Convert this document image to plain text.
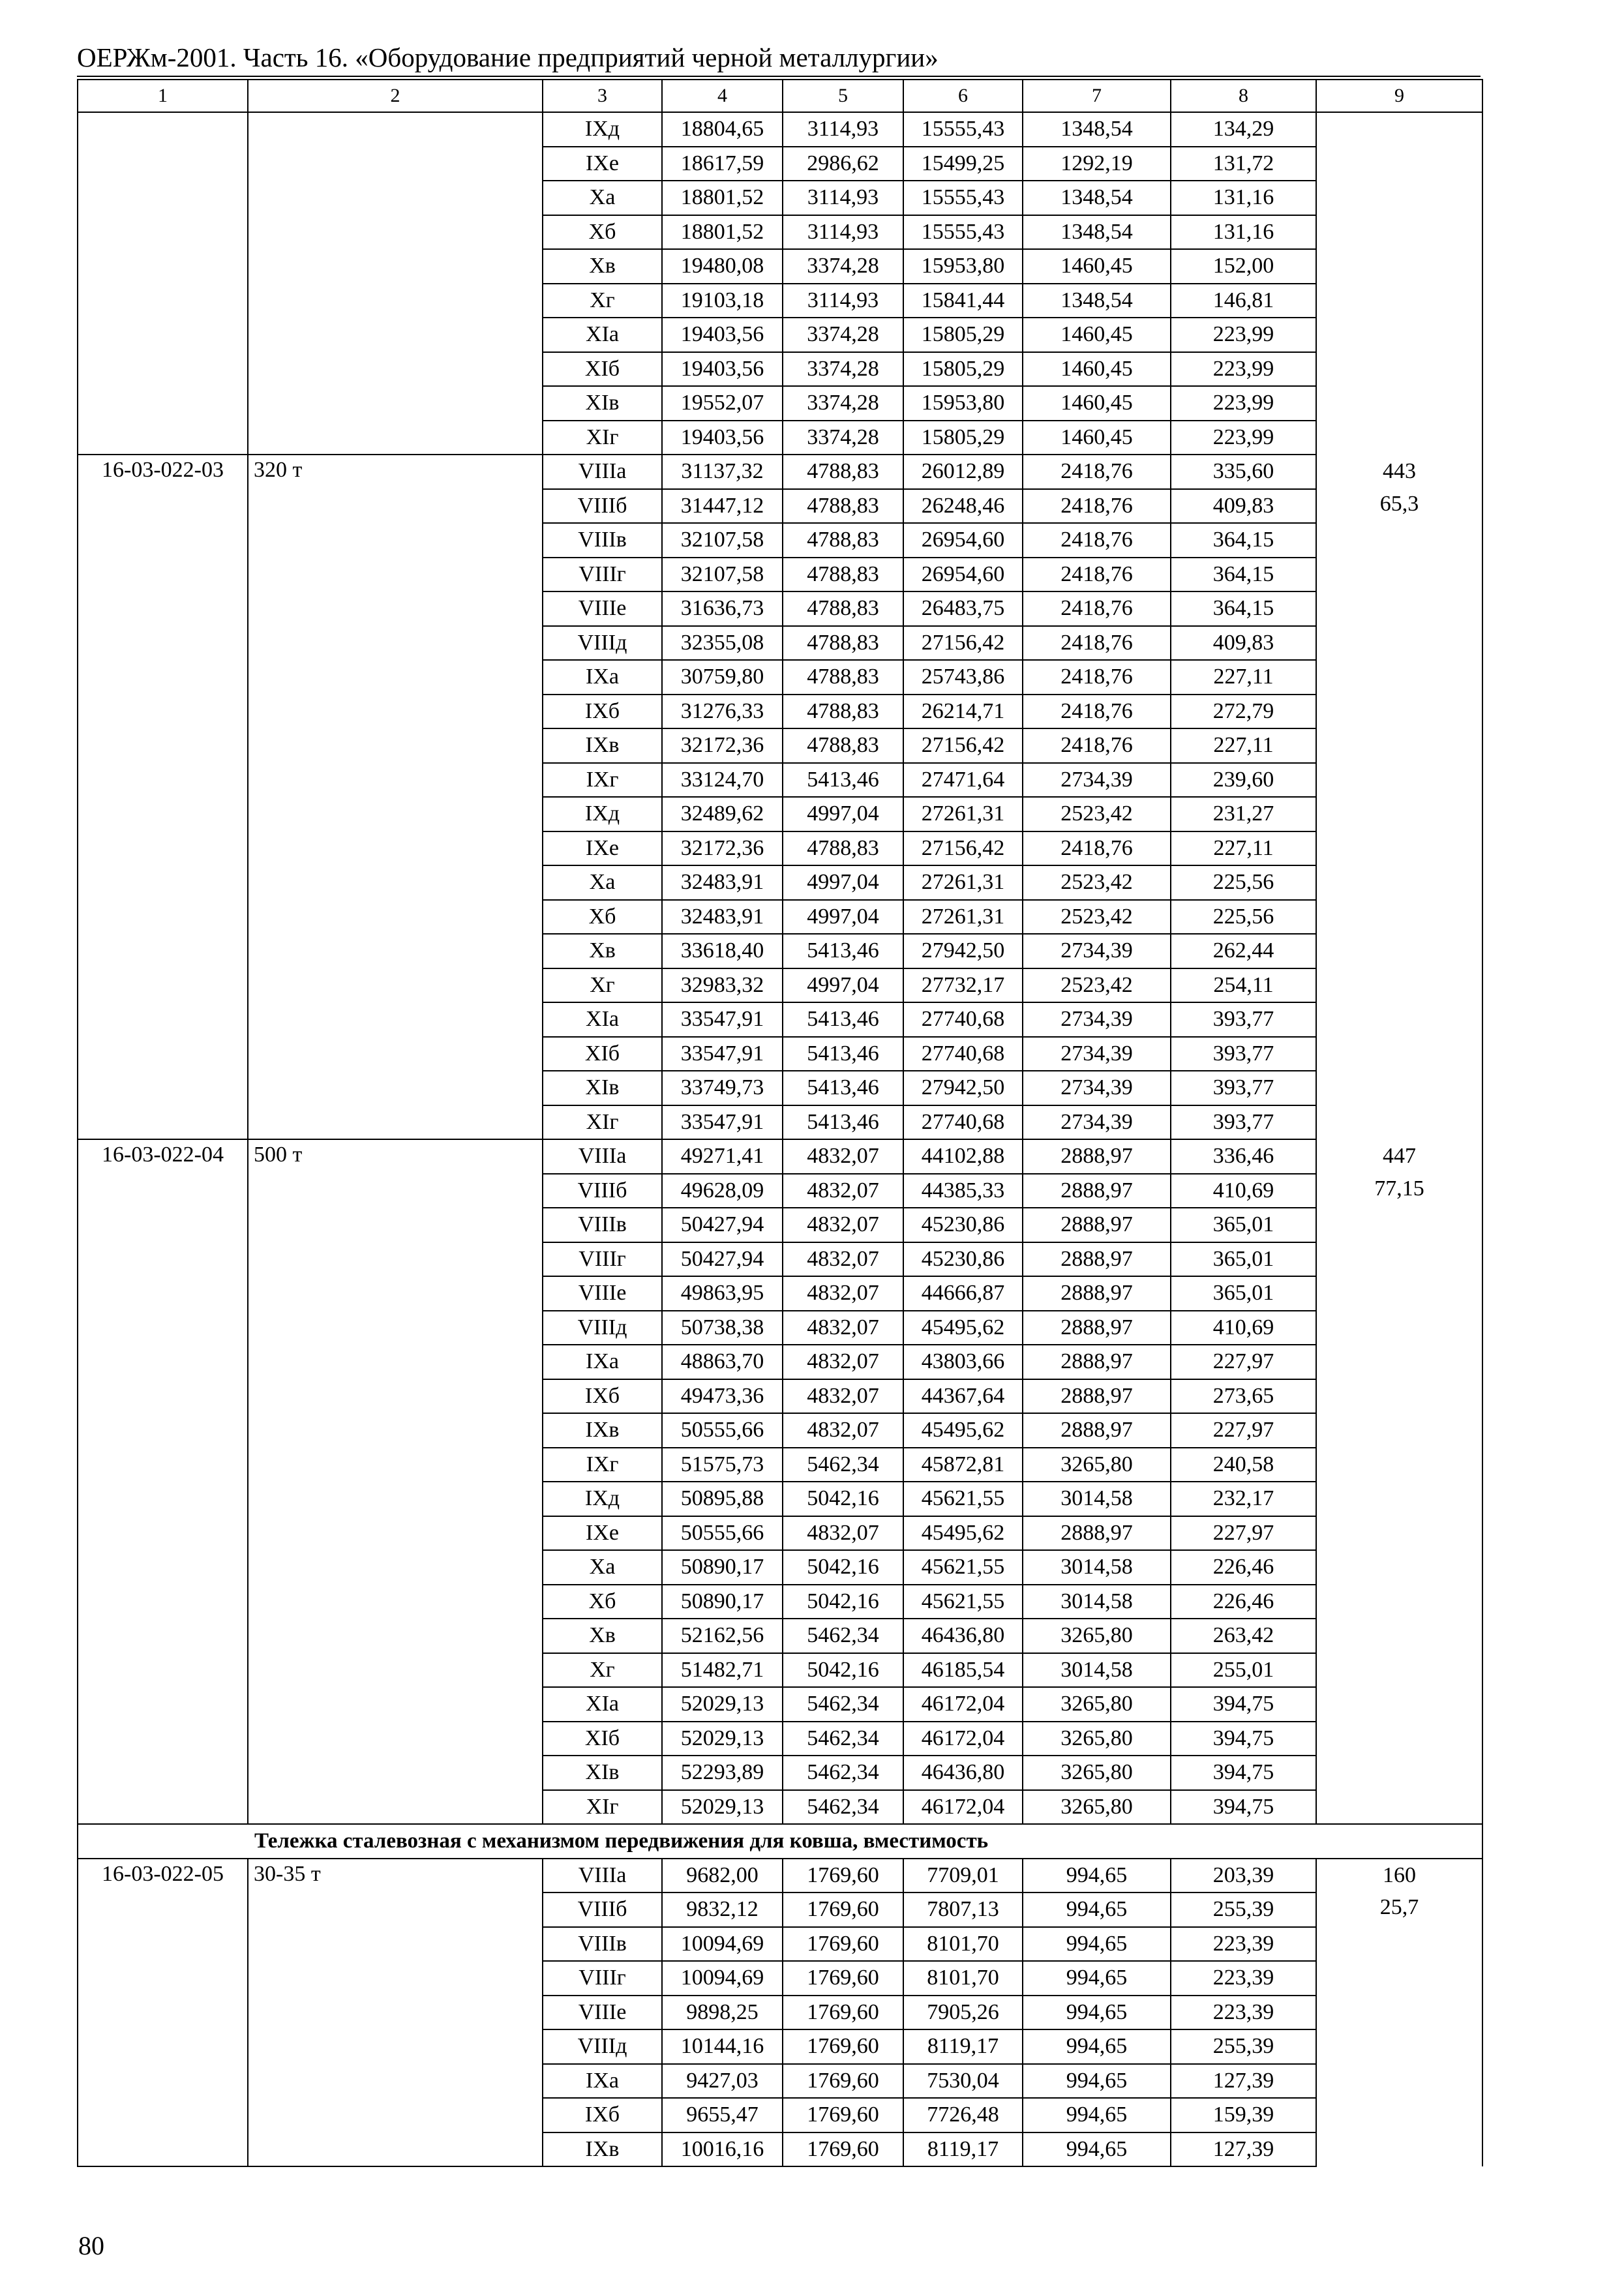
ОЕРЖм-2001. Часть 16. «Оборудование предприятий черной металлургии»
1	2	3	4	5	6	7	8	9
		IXд	18804,65	3114,93	15555,43	1348,54	134,29	
		IXе	18617,59	2986,62	15499,25	1292,19	131,72	
		Xа	18801,52	3114,93	15555,43	1348,54	131,16	
		Xб	18801,52	3114,93	15555,43	1348,54	131,16	
		Xв	19480,08	3374,28	15953,80	1460,45	152,00	
		Xг	19103,18	3114,93	15841,44	1348,54	146,81	
		XIа	19403,56	3374,28	15805,29	1460,45	223,99	
		XIб	19403,56	3374,28	15805,29	1460,45	223,99	
		XIв	19552,07	3374,28	15953,80	1460,45	223,99	
		XIг	19403,56	3374,28	15805,29	1460,45	223,99	
16-03-022-03	320 т	VIIIа	31137,32	4788,83	26012,89	2418,76	335,60	443
		VIIIб	31447,12	4788,83	26248,46	2418,76	409,83	65,3
		VIIIв	32107,58	4788,83	26954,60	2418,76	364,15	
		VIIIг	32107,58	4788,83	26954,60	2418,76	364,15	
		VIIIе	31636,73	4788,83	26483,75	2418,76	364,15	
		VIIIд	32355,08	4788,83	27156,42	2418,76	409,83	
		IXа	30759,80	4788,83	25743,86	2418,76	227,11	
		IXб	31276,33	4788,83	26214,71	2418,76	272,79	
		IXв	32172,36	4788,83	27156,42	2418,76	227,11	
		IXг	33124,70	5413,46	27471,64	2734,39	239,60	
		IXд	32489,62	4997,04	27261,31	2523,42	231,27	
		IXе	32172,36	4788,83	27156,42	2418,76	227,11	
		Xа	32483,91	4997,04	27261,31	2523,42	225,56	
		Xб	32483,91	4997,04	27261,31	2523,42	225,56	
		Xв	33618,40	5413,46	27942,50	2734,39	262,44	
		Xг	32983,32	4997,04	27732,17	2523,42	254,11	
		XIа	33547,91	5413,46	27740,68	2734,39	393,77	
		XIб	33547,91	5413,46	27740,68	2734,39	393,77	
		XIв	33749,73	5413,46	27942,50	2734,39	393,77	
		XIг	33547,91	5413,46	27740,68	2734,39	393,77	
16-03-022-04	500 т	VIIIа	49271,41	4832,07	44102,88	2888,97	336,46	447
		VIIIб	49628,09	4832,07	44385,33	2888,97	410,69	77,15
		VIIIв	50427,94	4832,07	45230,86	2888,97	365,01	
		VIIIг	50427,94	4832,07	45230,86	2888,97	365,01	
		VIIIе	49863,95	4832,07	44666,87	2888,97	365,01	
		VIIIд	50738,38	4832,07	45495,62	2888,97	410,69	
		IXа	48863,70	4832,07	43803,66	2888,97	227,97	
		IXб	49473,36	4832,07	44367,64	2888,97	273,65	
		IXв	50555,66	4832,07	45495,62	2888,97	227,97	
		IXг	51575,73	5462,34	45872,81	3265,80	240,58	
		IXд	50895,88	5042,16	45621,55	3014,58	232,17	
		IXе	50555,66	4832,07	45495,62	2888,97	227,97	
		Xа	50890,17	5042,16	45621,55	3014,58	226,46	
		Xб	50890,17	5042,16	45621,55	3014,58	226,46	
		Xв	52162,56	5462,34	46436,80	3265,80	263,42	
		Xг	51482,71	5042,16	46185,54	3014,58	255,01	
		XIа	52029,13	5462,34	46172,04	3265,80	394,75	
		XIб	52029,13	5462,34	46172,04	3265,80	394,75	
		XIв	52293,89	5462,34	46436,80	3265,80	394,75	
		XIг	52029,13	5462,34	46172,04	3265,80	394,75	
Тележка сталевозная с механизмом передвижения для ковша, вместимость								
16-03-022-05	30-35 т	VIIIа	9682,00	1769,60	7709,01	994,65	203,39	160
		VIIIб	9832,12	1769,60	7807,13	994,65	255,39	25,7
		VIIIв	10094,69	1769,60	8101,70	994,65	223,39	
		VIIIг	10094,69	1769,60	8101,70	994,65	223,39	
		VIIIе	9898,25	1769,60	7905,26	994,65	223,39	
		VIIIд	10144,16	1769,60	8119,17	994,65	255,39	
		IXа	9427,03	1769,60	7530,04	994,65	127,39	
		IXб	9655,47	1769,60	7726,48	994,65	159,39	
		IXв	10016,16	1769,60	8119,17	994,65	127,39	
80
